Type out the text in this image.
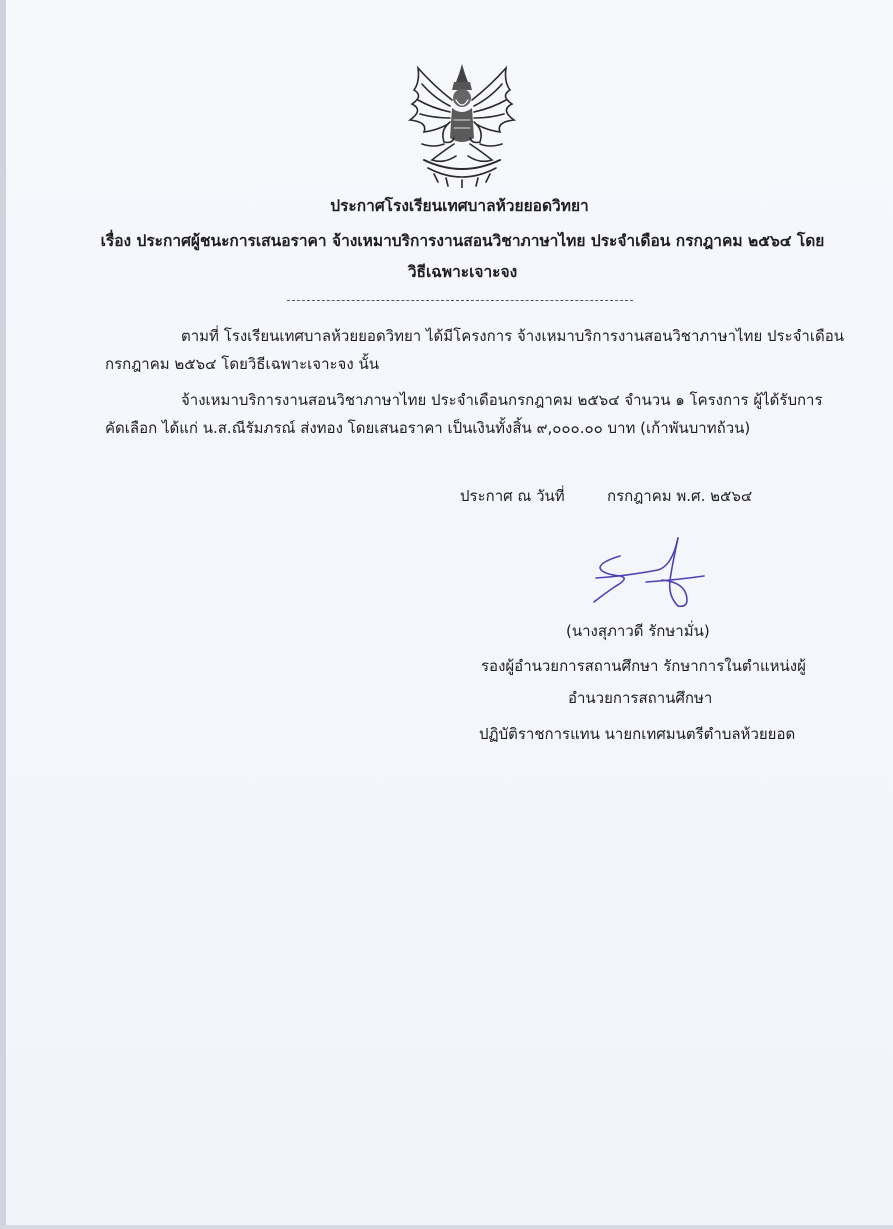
ประกาศโรงเรียนเทศบาลห้วยยอดวิทยา
เรื่อง ประกาศผู้ชนะการเสนอราคา จ้างเหมาบริการงานสอนวิชาภาษาไทย ประจำเดือน กรกฎาคม ๒๕๖๔ โดย
วิธีเฉพาะเจาะจง
ตามที่ โรงเรียนเทศบาลห้วยยอดวิทยา ได้มีโครงการ จ้างเหมาบริการงานสอนวิชาภาษาไทย ประจำเดือน
กรกฎาคม ๒๕๖๔ โดยวิธีเฉพาะเจาะจง นั้น
จ้างเหมาบริการงานสอนวิชาภาษาไทย ประจำเดือนกรกฎาคม ๒๕๖๔ จำนวน ๑ โครงการ ผู้ได้รับการ
คัดเลือก ได้แก่ น.ส.ณีรัมภรณ์ ส่งทอง โดยเสนอราคา เป็นเงินทั้งสิ้น ๙,๐๐๐.๐๐ บาท (เก้าพันบาทถ้วน)
ประกาศ ณ วันที่	กรกฎาคม พ.ศ. ๒๕๖๔
(นางสุภาวดี รักษามั่น)
รองผู้อำนวยการสถานศึกษา รักษาการในตำแหน่งผู้
อำนวยการสถานศึกษา
ปฏิบัติราชการแทน นายกเทศมนตรีตำบลห้วยยอด
